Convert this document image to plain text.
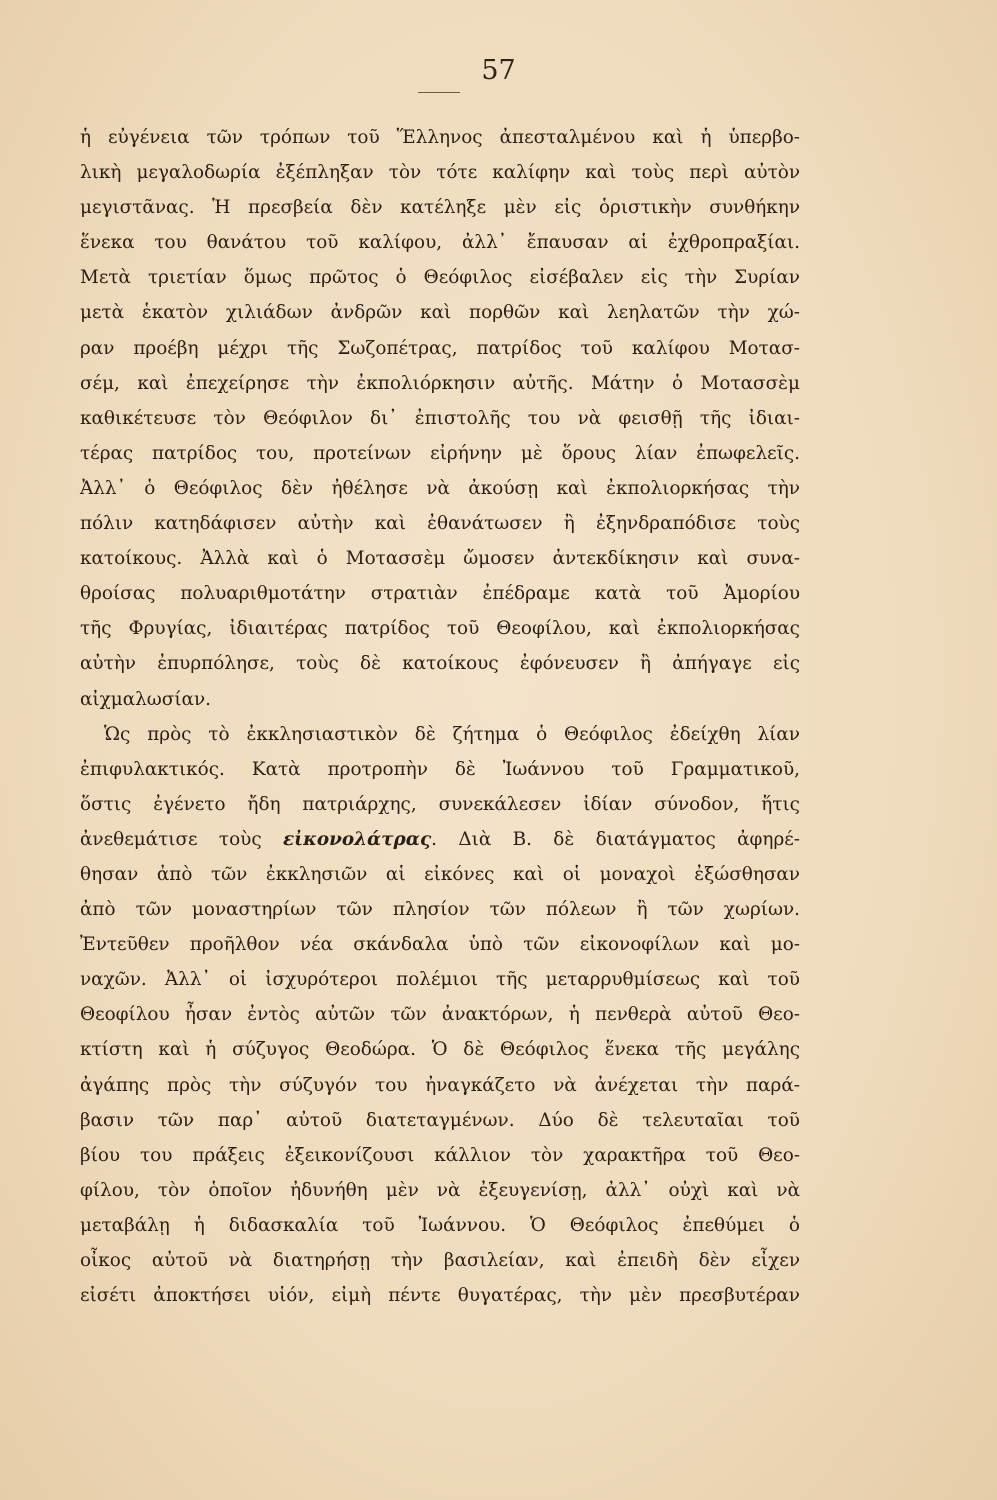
57
ἡ εὐγένεια τῶν τρόπων τοῦ Ἕλληνος ἀπεσταλμένου καὶ ἡ ὑπερβο-
λικὴ μεγαλοδωρία ἐξέπληξαν τὸν τότε καλίφην καὶ τοὺς περὶ αὐτὸν
μεγιστᾶνας. Ἡ πρεσβεία δὲν κατέληξε μὲν εἰς ὁριστικὴν συνθήκην
ἕνεκα του θανάτου τοῦ καλίφου, ἀλλ᾿ ἔπαυσαν αἱ ἐχθροπραξίαι.
Μετὰ τριετίαν ὅμως πρῶτος ὁ Θεόφιλος εἰσέβαλεν εἰς τὴν Συρίαν
μετὰ ἑκατὸν χιλιάδων ἀνδρῶν καὶ πορθῶν καὶ λεηλατῶν τὴν χώ-
ραν προέβη μέχρι τῆς Σωζοπέτρας, πατρίδος τοῦ καλίφου Μοτασ-
σέμ, καὶ ἐπεχείρησε τὴν ἐκπολιόρκησιν αὐτῆς. Μάτην ὁ Μοτασσὲμ
καθικέτευσε τὸν Θεόφιλον δι᾿ ἐπιστολῆς του νὰ φεισθῇ τῆς ἰδιαι-
τέρας πατρίδος του, προτείνων εἰρήνην μὲ ὅρους λίαν ἐπωφελεῖς.
Ἀλλ᾿ ὁ Θεόφιλος δὲν ἠθέλησε νὰ ἀκούσῃ καὶ ἐκπολιορκήσας τὴν
πόλιν κατηδάφισεν αὐτὴν καὶ ἐθανάτωσεν ἢ ἐξηνδραπόδισε τοὺς
κατοίκους. Ἀλλὰ καὶ ὁ Μοτασσὲμ ὤμοσεν ἀντεκδίκησιν καὶ συνα-
θροίσας πολυαριθμοτάτην στρατιὰν ἐπέδραμε κατὰ τοῦ Ἀμορίου
τῆς Φρυγίας, ἰδιαιτέρας πατρίδος τοῦ Θεοφίλου, καὶ ἐκπολιορκήσας
αὐτὴν ἐπυρπόλησε, τοὺς δὲ κατοίκους ἐφόνευσεν ἢ ἀπήγαγε εἰς
αἰχμαλωσίαν.
Ὡς πρὸς τὸ ἐκκλησιαστικὸν δὲ ζήτημα ὁ Θεόφιλος ἐδείχθη λίαν
ἐπιφυλακτικός. Κατὰ προτροπὴν δὲ Ἰωάννου τοῦ Γραμματικοῦ,
ὅστις ἐγένετο ἤδη πατριάρχης, συνεκάλεσεν ἰδίαν σύνοδον, ἥτις
ἀνεθεμάτισε τοὺς εἰκονολάτρας. Διὰ Β. δὲ διατάγματος ἀφηρέ-
θησαν ἀπὸ τῶν ἐκκλησιῶν αἱ εἰκόνες καὶ οἱ μοναχοὶ ἐξώσθησαν
ἀπὸ τῶν μοναστηρίων τῶν πλησίον τῶν πόλεων ἢ τῶν χωρίων.
Ἐντεῦθεν προῆλθον νέα σκάνδαλα ὑπὸ τῶν εἰκονοφίλων καὶ μο-
ναχῶν. Ἀλλ᾿ οἱ ἰσχυρότεροι πολέμιοι τῆς μεταρρυθμίσεως καὶ τοῦ
Θεοφίλου ἦσαν ἐντὸς αὐτῶν τῶν ἀνακτόρων, ἡ πενθερὰ αὐτοῦ Θεο-
κτίστη καὶ ἡ σύζυγος Θεοδώρα. Ὁ δὲ Θεόφιλος ἕνεκα τῆς μεγάλης
ἀγάπης πρὸς τὴν σύζυγόν του ἠναγκάζετο νὰ ἀνέχεται τὴν παρά-
βασιν τῶν παρ᾿ αὐτοῦ διατεταγμένων. Δύο δὲ τελευταῖαι τοῦ
βίου του πράξεις ἐξεικονίζουσι κάλλιον τὸν χαρακτῆρα τοῦ Θεο-
φίλου, τὸν ὁποῖον ἠδυνήθη μὲν νὰ ἐξευγενίσῃ, ἀλλ᾿ οὐχὶ καὶ νὰ
μεταβάλῃ ἡ διδασκαλία τοῦ Ἰωάννου. Ὁ Θεόφιλος ἐπεθύμει ὁ
οἶκος αὐτοῦ νὰ διατηρήσῃ τὴν βασιλείαν, καὶ ἐπειδὴ δὲν εἶχεν
εἰσέτι ἀποκτήσει υἱόν, εἰμὴ πέντε θυγατέρας, τὴν μὲν πρεσβυτέραν
